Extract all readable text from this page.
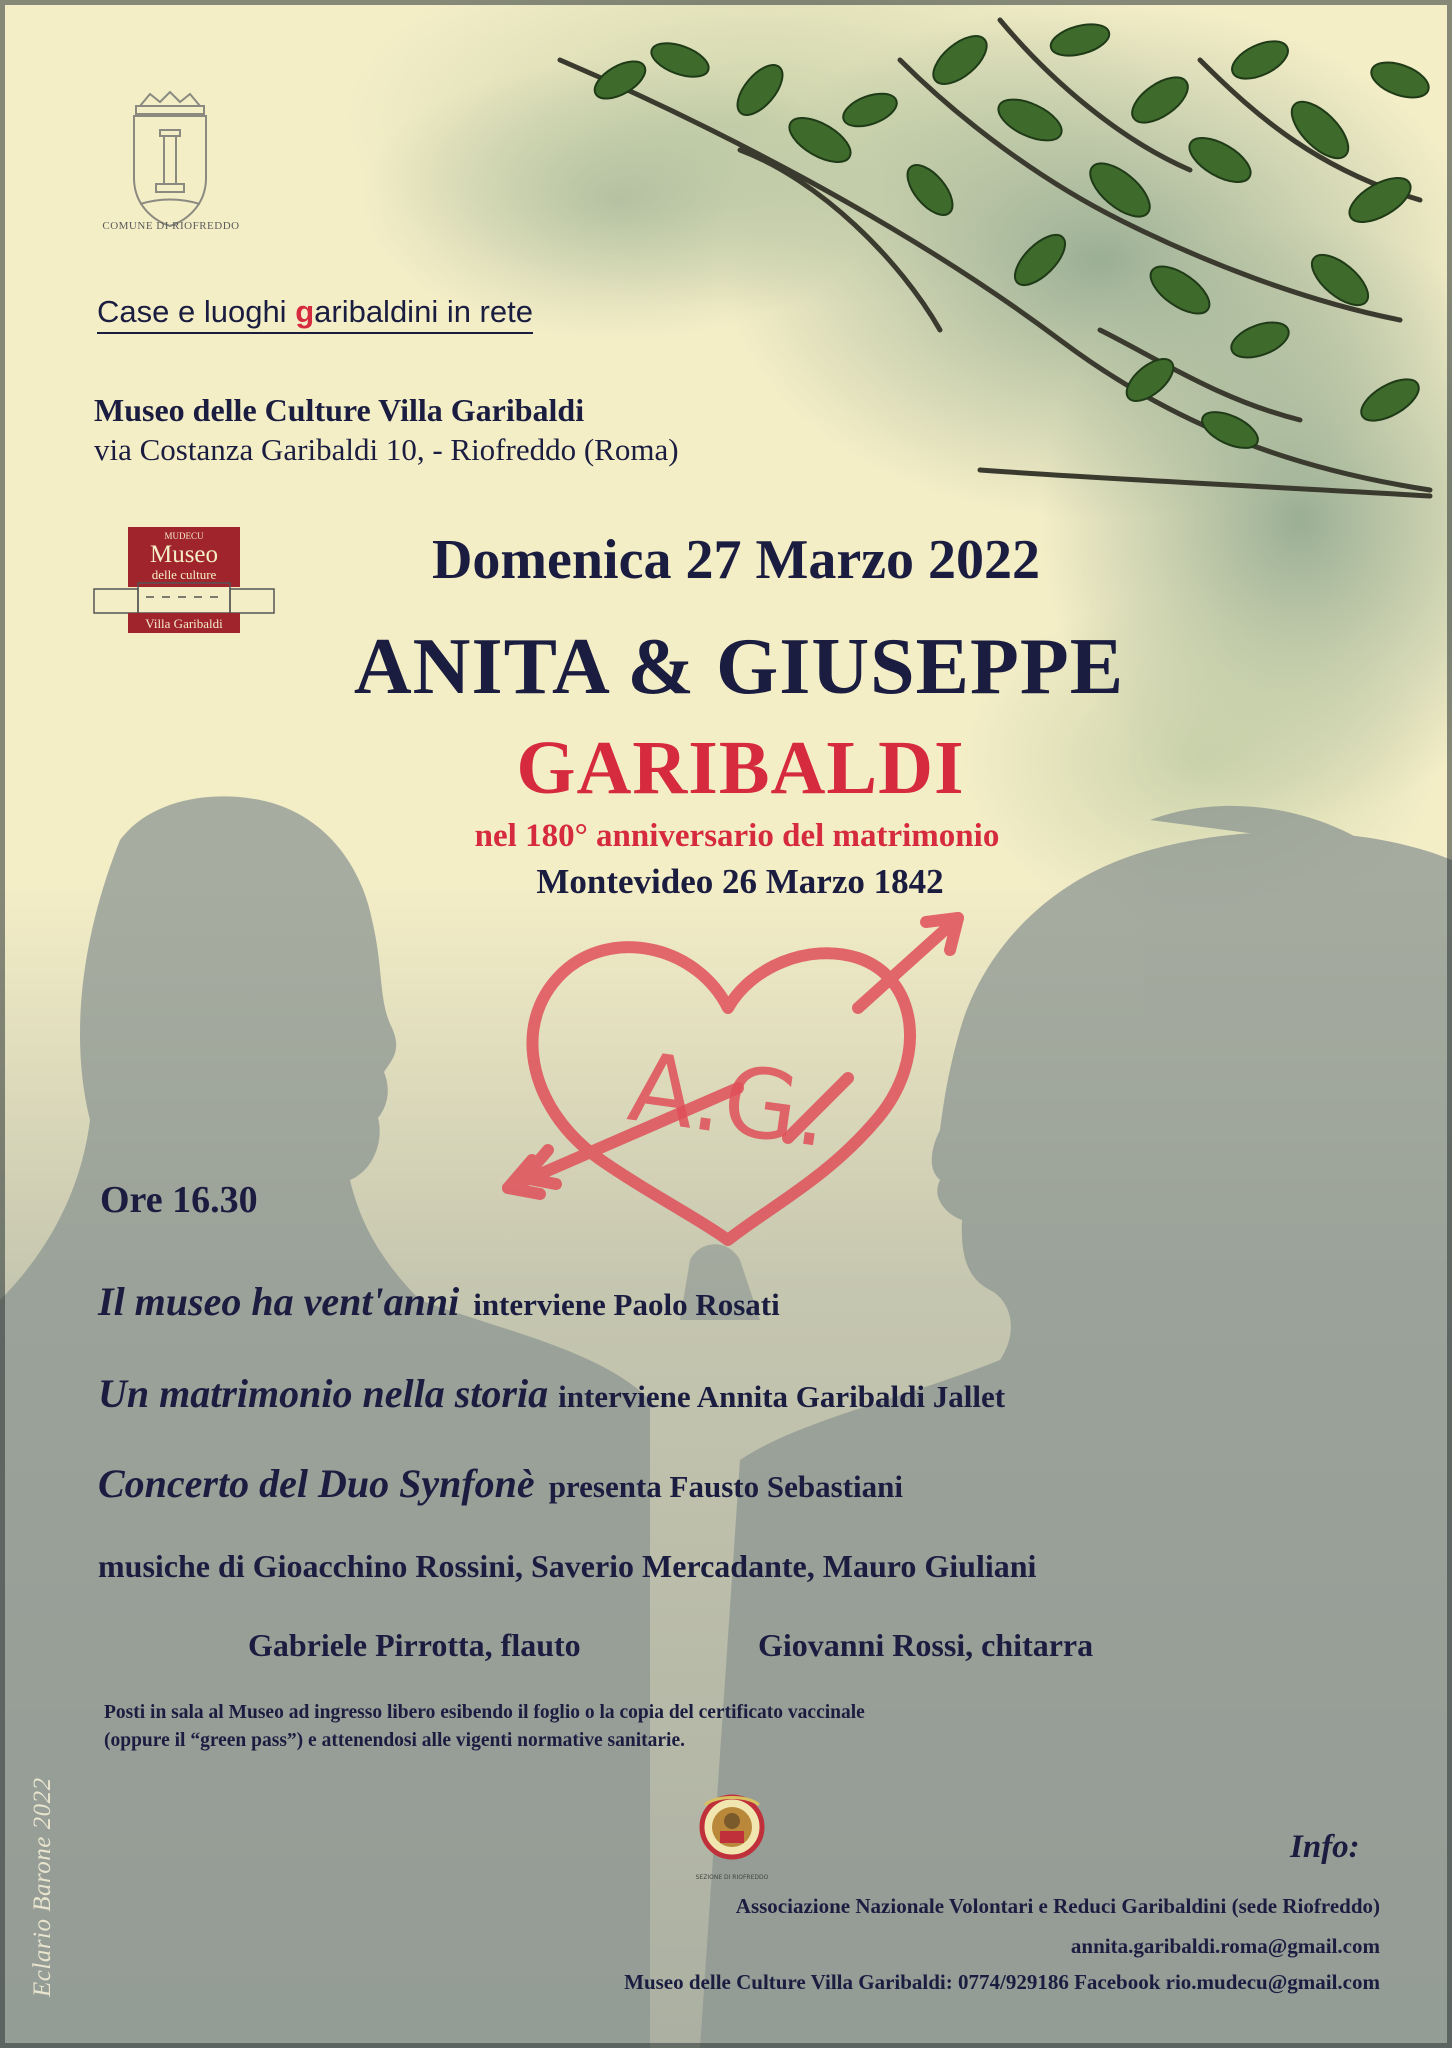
COMUNE DI RIOFREDDO
Case e luoghi garibaldini in rete
Museo delle Culture Villa Garibaldi
via Costanza Garibaldi 10, - Riofreddo (Roma)
MUDECU
Museo
delle culture
Villa Garibaldi
Domenica 27 Marzo 2022
ANITA & GIUSEPPE
GARIBALDI
nel 180° anniversario del matrimonio
Montevideo 26 Marzo 1842
A.G.
Ore 16.30
Il museo ha vent'anni interviene Paolo Rosati
Un matrimonio nella storia interviene Annita Garibaldi Jallet
Concerto del Duo Synfonè presenta Fausto Sebastiani
musiche di Gioacchino Rossini, Saverio Mercadante, Mauro Giuliani
Gabriele Pirrotta, flauto	Giovanni Rossi, chitarra
Posti in sala al Museo ad ingresso libero esibendo il foglio o la copia del certificato vaccinale
(oppure il “green pass”) e attenendosi alle vigenti normative sanitarie.
SEZIONE DI RIOFREDDO
Info:
Associazione Nazionale Volontari e Reduci Garibaldini (sede Riofreddo)
annita.garibaldi.roma@gmail.com
Museo delle Culture Villa Garibaldi: 0774/929186 Facebook rio.mudecu@gmail.com
Eclario Barone 2022
